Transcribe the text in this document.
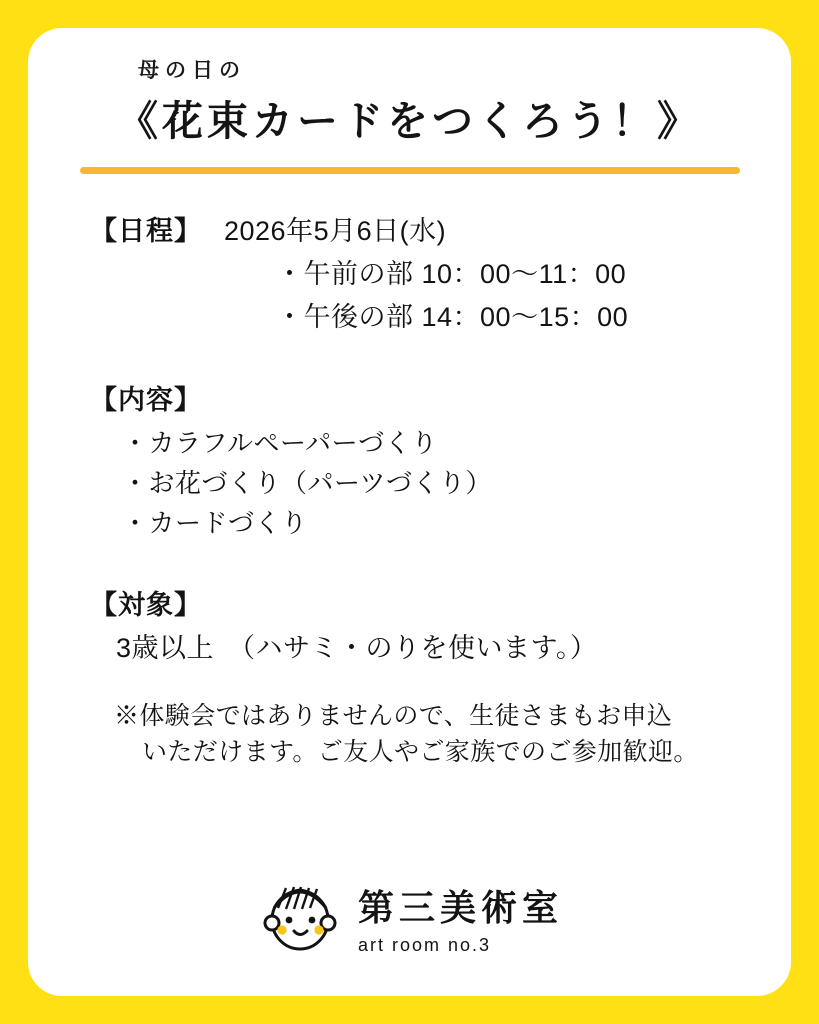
母の日の
《花束カードをつくろう！》
【日程】 2026年5月6日(水)
・午前の部 10：00〜11：00
・午後の部 14：00〜15：00
【内容】
・カラフルペーパーづくり
・お花づくり（パーツづくり）
・カードづくり
【対象】
3歳以上　（ハサミ・のりを使います。）
※体験会ではありませんので、生徒さまもお申込
いただけます。ご友人やご家族でのご参加歓迎。
第三美術室
art room no.3
